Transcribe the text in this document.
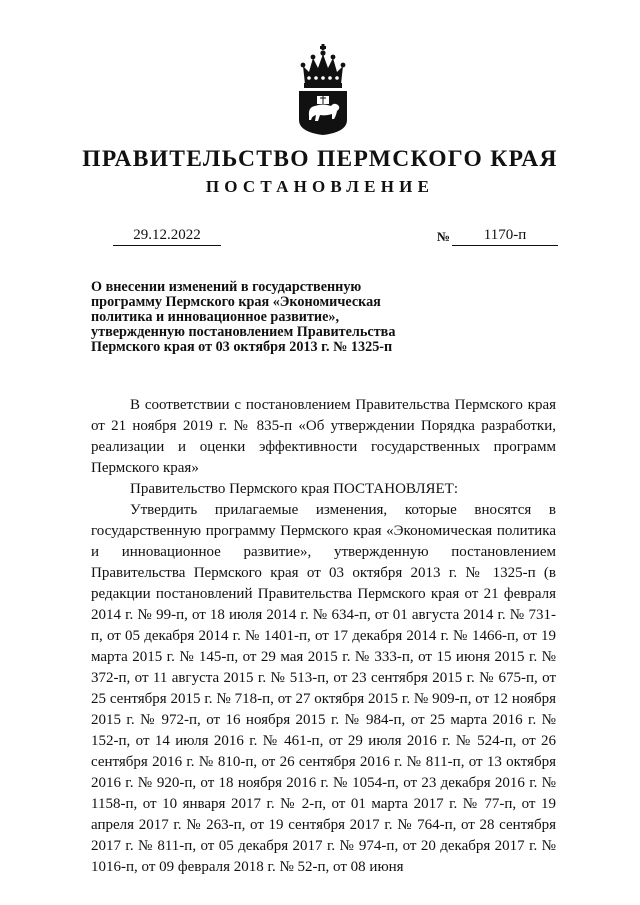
ПРАВИТЕЛЬСТВО ПЕРМСКОГО КРАЯ
ПОСТАНОВЛЕНИЕ
29.12.2022	№	1170-п
О внесении изменений в государственную
программу Пермского края «Экономическая
политика и инновационное развитие»,
утвержденную постановлением Правительства
Пермского края от 03 октября 2013 г. № 1325-п

В соответствии с постановлением Правительства Пермского края от 21 ноября 2019 г. № 835-п «Об утверждении Порядка разработки, реализации и оценки эффективности государственных программ Пермского края»

Правительство Пермского края ПОСТАНОВЛЯЕТ:

Утвердить прилагаемые изменения, которые вносятся в государственную программу Пермского края «Экономическая политика и инновационное развитие», утвержденную постановлением Правительства Пермского края от 03 октября 2013 г. № 1325-п (в редакции постановлений Правительства Пермского края от 21 февраля 2014 г. № 99-п, от 18 июля 2014 г. № 634-п, от 01 августа 2014 г. № 731-п, от 05 декабря 2014 г. № 1401-п, от 17 декабря 2014 г. № 1466-п, от 19 марта 2015 г. № 145-п, от 29 мая 2015 г. № 333-п, от 15 июня 2015 г. № 372-п, от 11 августа 2015 г. № 513-п, от 23 сентября 2015 г. № 675-п, от 25 сентября 2015 г. № 718-п, от 27 октября 2015 г. № 909-п, от 12 ноября 2015 г. № 972-п, от 16 ноября 2015 г. № 984-п, от 25 марта 2016 г. № 152-п, от 14 июля 2016 г. № 461-п, от 29 июля 2016 г. № 524-п, от 26 сентября 2016 г. № 810-п, от 26 сентября 2016 г. № 811-п, от 13 октября 2016 г. № 920-п, от 18 ноября 2016 г. № 1054-п, от 23 декабря 2016 г. № 1158-п, от 10 января 2017 г. № 2-п, от 01 марта 2017 г. № 77-п, от 19 апреля 2017 г. № 263-п, от 19 сентября 2017 г. № 764-п, от 28 сентября 2017 г. № 811-п, от 05 декабря 2017 г. № 974-п, от 20 декабря 2017 г. № 1016-п, от 09 февраля 2018 г. № 52-п, от 08 июня
